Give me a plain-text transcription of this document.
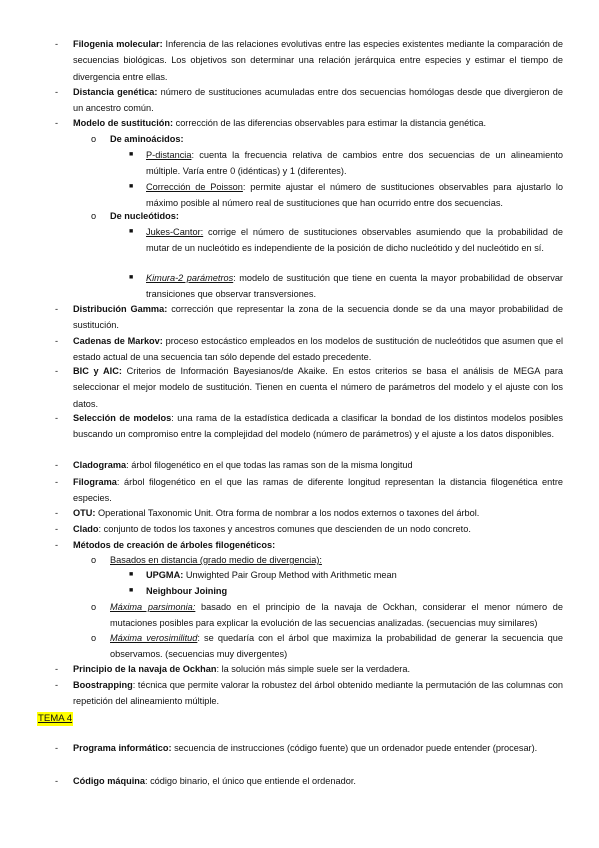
- Filogenia molecular: Inferencia de las relaciones evolutivas entre las especies existentes mediante la comparación de secuencias biológicas. Los objetivos son determinar una relación jerárquica entre especies y estimar el tiempo de divergencia entre ellas.
- Distancia genética: número de sustituciones acumuladas entre dos secuencias homólogas desde que divergieron de un ancestro común.
- Modelo de sustitución: corrección de las diferencias observables para estimar la distancia genética.
o De aminoácidos:
■ P-distancia: cuenta la frecuencia relativa de cambios entre dos secuencias de un alineamiento múltiple. Varía entre 0 (idénticas) y 1 (diferentes).
■ Corrección de Poisson: permite ajustar el número de sustituciones observables para ajustarlo lo máximo posible al número real de sustituciones que han ocurrido entre dos secuencias.
o De nucleótidos:
■ Jukes-Cantor: corrige el número de sustituciones observables asumiendo que la probabilidad de mutar de un nucleótido es independiente de la posición de dicho nucleótido y del nucleótido en sí.
■ Kimura-2 parámetros: modelo de sustitución que tiene en cuenta la mayor probabilidad de observar transiciones que observar transversiones.
- Distribución Gamma: corrección que representar la zona de la secuencia donde se da una mayor probabilidad de sustitución.
- Cadenas de Markov: proceso estocástico empleados en los modelos de sustitución de nucleótidos que asumen que el estado actual de una secuencia tan sólo depende del estado precedente.
- BIC y AIC: Criterios de Información Bayesianos/de Akaike. En estos criterios se basa el análisis de MEGA para seleccionar el mejor modelo de sustitución. Tienen en cuenta el número de parámetros del modelo y el ajuste con los datos.
- Selección de modelos: una rama de la estadística dedicada a clasificar la bondad de los distintos modelos posibles buscando un compromiso entre la complejidad del modelo (número de parámetros) y el ajuste a los datos disponibles.
- Cladograma: árbol filogenético en el que todas las ramas son de la misma longitud
- Filograma: árbol filogenético en el que las ramas de diferente longitud representan la distancia filogenética entre especies.
- OTU: Operational Taxonomic Unit. Otra forma de nombrar a los nodos externos o taxones del árbol.
- Clado: conjunto de todos los taxones y ancestros comunes que descienden de un nodo concreto.
- Métodos de creación de árboles filogenéticos:
o Basados en distancia (grado medio de divergencia):
■ UPGMA: Unwighted Pair Group Method with Arithmetic mean
■ Neighbour Joining
o Máxima parsimonia: basado en el principio de la navaja de Ockhan, considerar el menor número de mutaciones posibles para explicar la evolución de las secuencias analizadas. (secuencias muy similares)
o Máxima verosimilitud: se quedaría con el árbol que maximiza la probabilidad de generar la secuencia que observamos. (secuencias muy divergentes)
- Principio de la navaja de Ockhan: la solución más simple suele ser la verdadera.
- Boostrapping: técnica que permite valorar la robustez del árbol obtenido mediante la permutación de las columnas con repetición del alineamiento múltiple.
TEMA 4
- Programa informático: secuencia de instrucciones (código fuente) que un ordenador puede entender (procesar).
- Código máquina: código binario, el único que entiende el ordenador.
